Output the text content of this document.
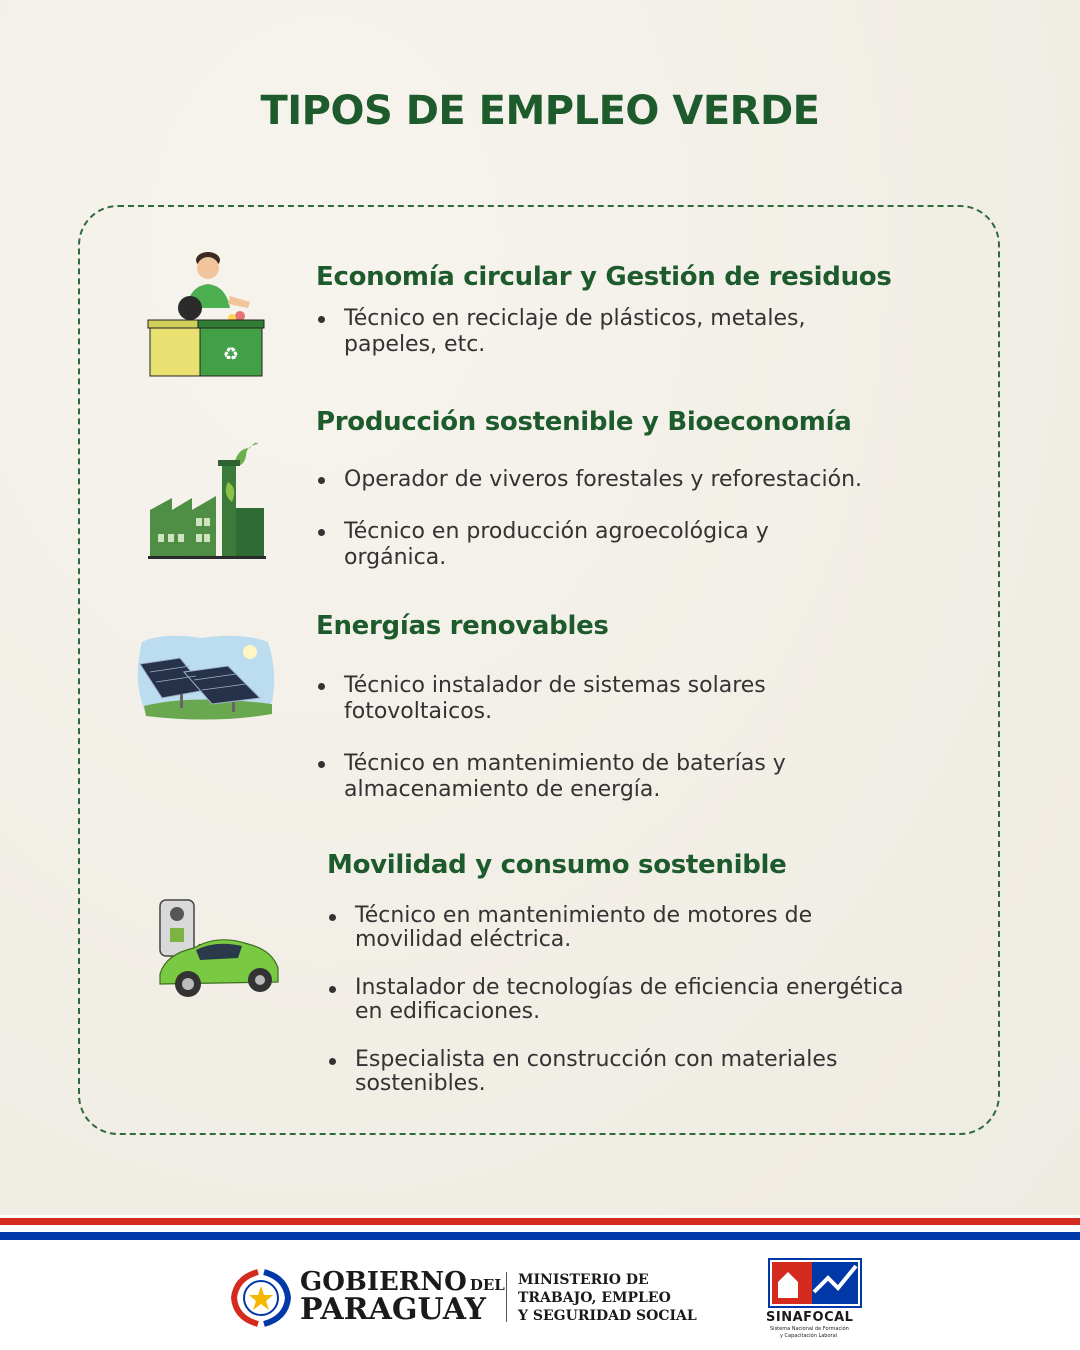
TIPOS DE EMPLEO VERDE
♻
Economía circular y Gestión de residuos
Técnico en reciclaje de plásticos, metales, papeles, etc.
Producción sostenible y Bioeconomía
Operador de viveros forestales y reforestación.
Técnico en producción agroecológica y orgánica.
Energías renovables
Técnico instalador de sistemas solares fotovoltaicos.
Técnico en mantenimiento de baterías y almacenamiento de energía.
Movilidad y consumo sostenible
Técnico en mantenimiento de motores de movilidad eléctrica.
Instalador de tecnologías de eficiencia energética en edificaciones.
Especialista en construcción con materiales sostenibles.
GOBIERNO DEL
PARAGUAY
MINISTERIO DE
TRABAJO, EMPLEO
Y SEGURIDAD SOCIAL	SINAFOCAL
Sistema Nacional de Formación
y Capacitación Laboral
